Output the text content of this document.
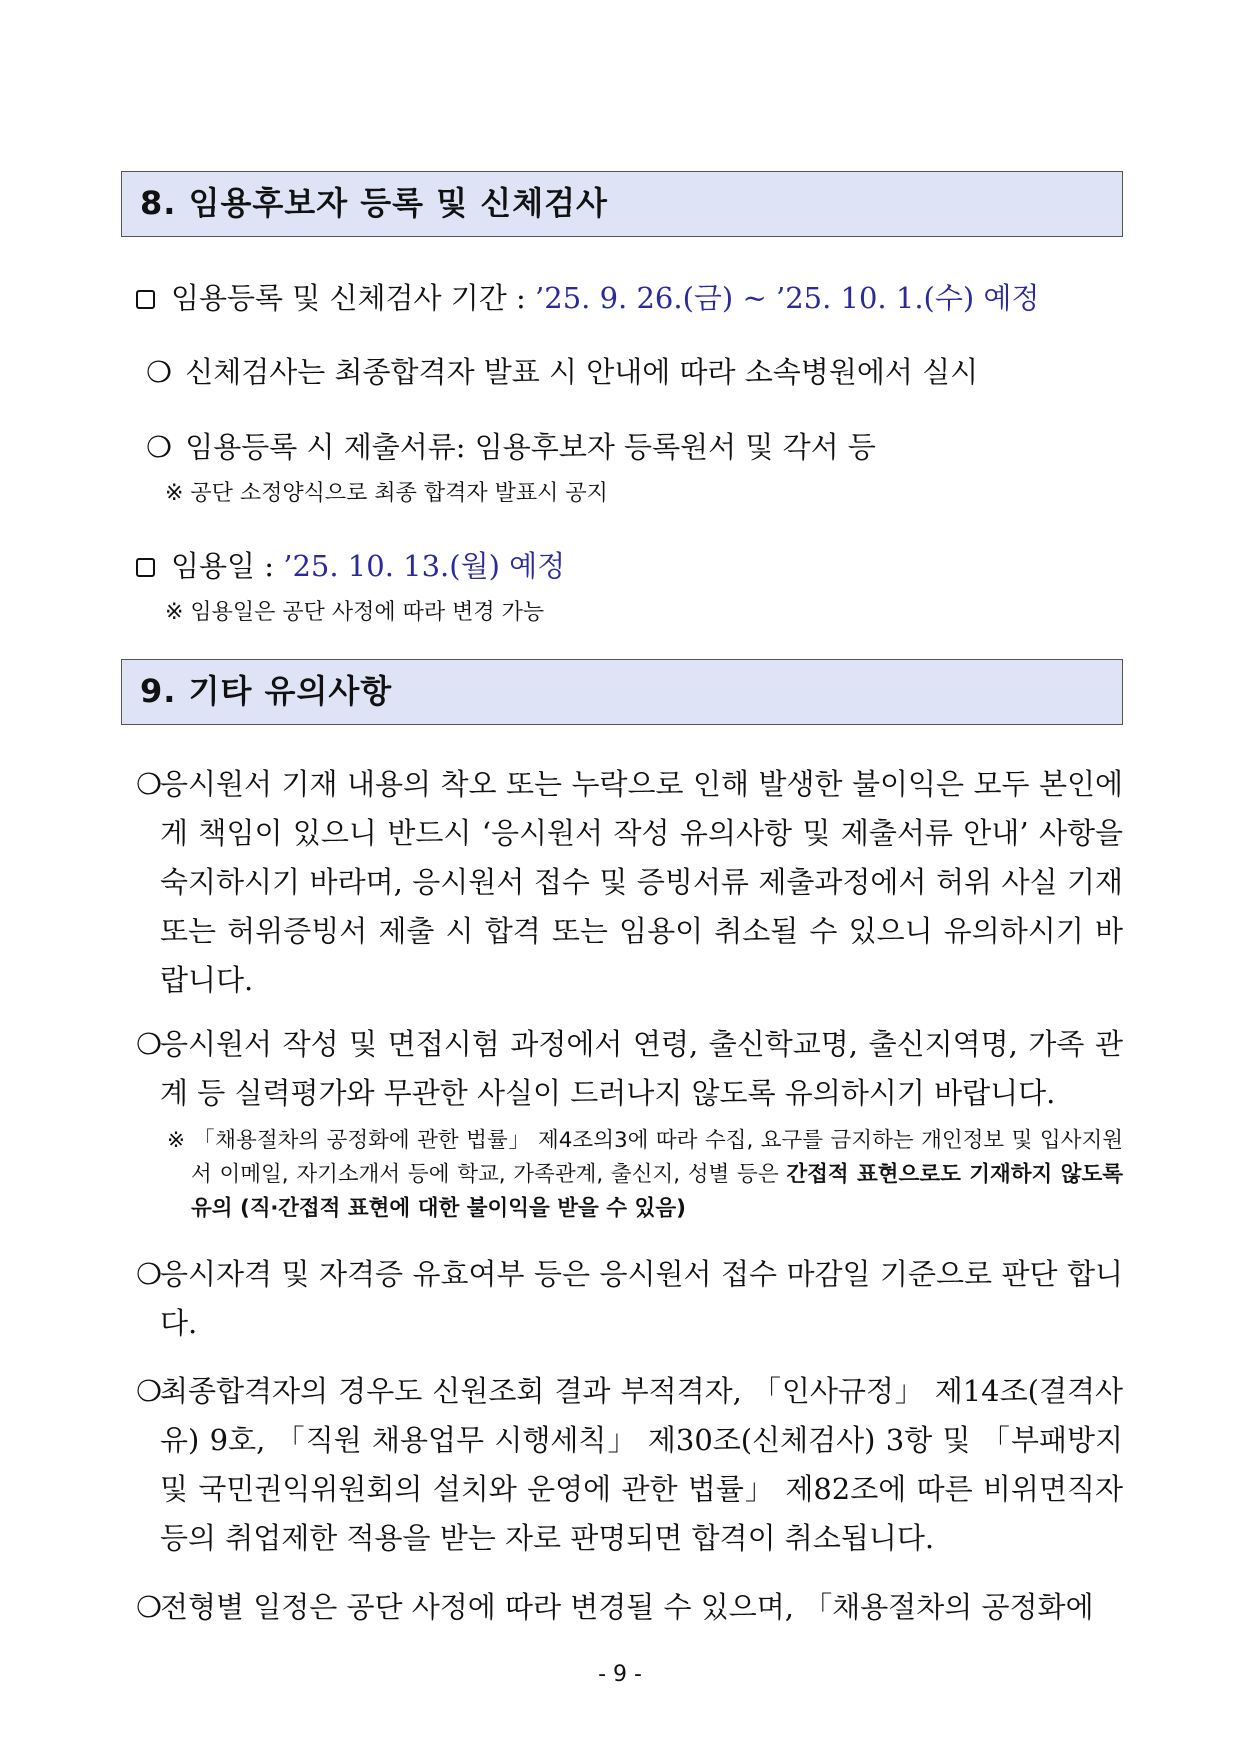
8. 임용후보자 등록 및 신체검사
임용등록 및 신체검사 기간 : ’25. 9. 26.(금) ~ ’25. 10. 1.(수) 예정
❍ 신체검사는 최종합격자 발표 시 안내에 따라 소속병원에서 실시
❍ 임용등록 시 제출서류: 임용후보자 등록원서 및 각서 등
※ 공단 소정양식으로 최종 합격자 발표시 공지
임용일 : ’25. 10. 13.(월) 예정
※ 임용일은 공단 사정에 따라 변경 가능
9. 기타 유의사항
❍
응시원서 기재 내용의 착오 또는 누락으로 인해 발생한 불이익은 모두 본인에게 책임이 있으니 반드시 ‘응시원서 작성 유의사항 및 제출서류 안내’ 사항을 숙지하시기 바라며, 응시원서 접수 및 증빙서류 제출과정에서 허위 사실 기재 또는 허위증빙서 제출 시 합격 또는 임용이 취소될 수 있으니 유의하시기 바랍니다.
❍
응시원서 작성 및 면접시험 과정에서 연령, 출신학교명, 출신지역명, 가족 관계 등 실력평가와 무관한 사실이 드러나지 않도록 유의하시기 바랍니다.
※ 「채용절차의 공정화에 관한 법률」 제4조의3에 따라 수집, 요구를 금지하는 개인정보 및 입사지원서 이메일, 자기소개서 등에 학교, 가족관계, 출신지, 성별 등은 간접적 표현으로도 기재하지 않도록 유의 (직‧간접적 표현에 대한 불이익을 받을 수 있음)
❍
응시자격 및 자격증 유효여부 등은 응시원서 접수 마감일 기준으로 판단 합니다.
❍
최종합격자의 경우도 신원조회 결과 부적격자, 「인사규정」 제14조(결격사유) 9호, 「직원 채용업무 시행세칙」 제30조(신체검사) 3항 및 「부패방지 및 국민권익위원회의 설치와 운영에 관한 법률」 제82조에 따른 비위면직자 등의 취업제한 적용을 받는 자로 판명되면 합격이 취소됩니다.
❍
전형별 일정은 공단 사정에 따라 변경될 수 있으며, 「채용절차의 공정화에
- 9 -
